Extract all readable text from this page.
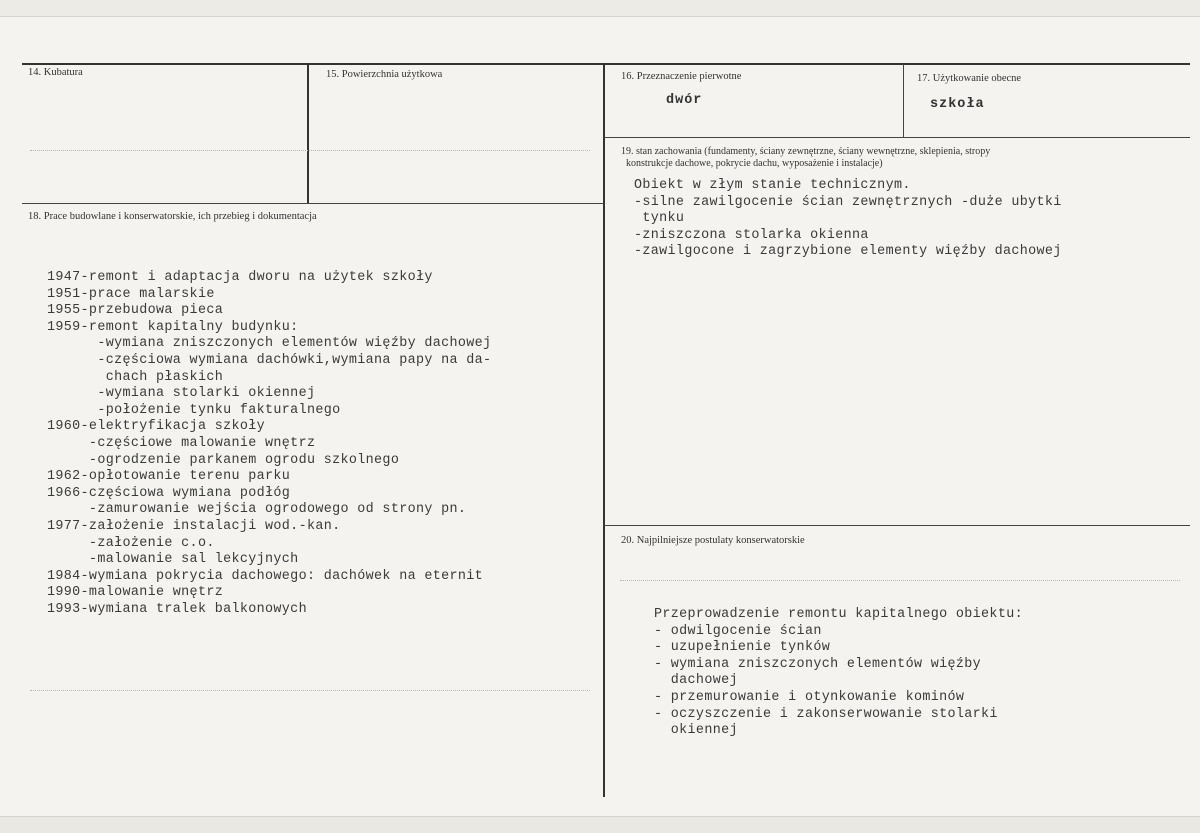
14. Kubatura	15. Powierzchnia użytkowa	16. Przeznaczenie pierwotne
dwór
17. Użytkowanie obecne
szkoła
18. Prace budowlane i konserwatorskie, ich przebieg i dokumentacja
1947-remont i adaptacja dworu na użytek szkoły
1951-prace malarskie
1955-przebudowa pieca
1959-remont kapitalny budynku:
-wymiana zniszczonych elementów więźby dachowej
-częściowa wymiana dachówki,wymiana papy na da-
chach płaskich
-wymiana stolarki okiennej
-położenie tynku fakturalnego
1960-elektryfikacja szkoły
-częściowe malowanie wnętrz
-ogrodzenie parkanem ogrodu szkolnego
1962-opłotowanie terenu parku
1966-częściowa wymiana podłóg
-zamurowanie wejścia ogrodowego od strony pn.
1977-założenie instalacji wod.-kan.
-założenie c.o.
-malowanie sal lekcyjnych
1984-wymiana pokrycia dachowego: dachówek na eternit
1990-malowanie wnętrz
1993-wymiana tralek balkonowych
19. stan zachowania (fundamenty, ściany zewnętrzne, ściany wewnętrzne, sklepienia, stropy
konstrukcje dachowe, pokrycie dachu, wyposażenie i instalacje)
Obiekt w złym stanie technicznym.
-silne zawilgocenie ścian zewnętrznych -duże ubytki
tynku
-zniszczona stolarka okienna
-zawilgocone i zagrzybione elementy więźby dachowej
20. Najpilniejsze postulaty konserwatorskie
Przeprowadzenie remontu kapitalnego obiektu:
- odwilgocenie ścian
- uzupełnienie tynków
- wymiana zniszczonych elementów więźby
dachowej
- przemurowanie i otynkowanie kominów
- oczyszczenie i zakonserwowanie stolarki
okiennej
